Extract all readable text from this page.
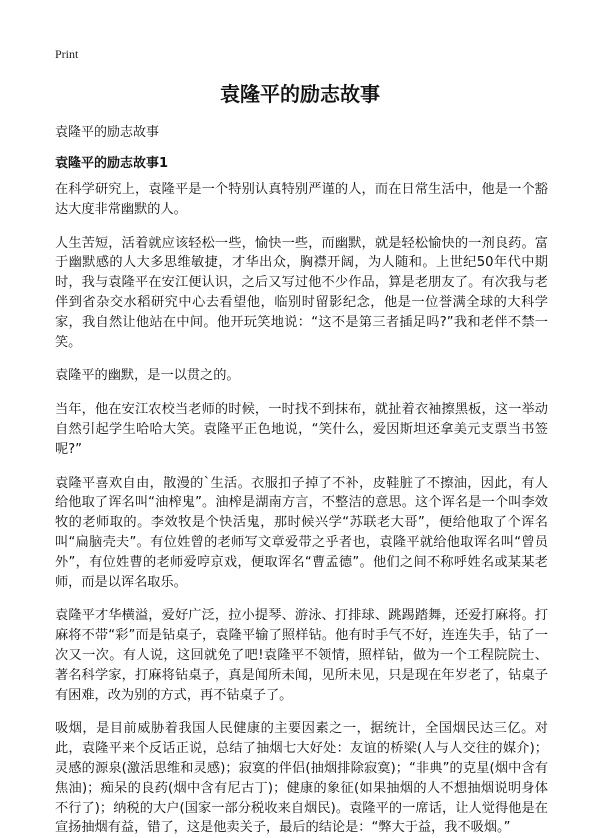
Print
袁隆平的励志故事
袁隆平的励志故事
袁隆平的励志故事1

在科学研究上，袁隆平是一个特别认真特别严谨的人，而在日常生活中，他是一个豁达大度非常幽默的人。

人生苦短，活着就应该轻松一些，愉快一些，而幽默，就是轻松愉快的一剂良药。富于幽默感的人大多思维敏捷，才华出众，胸襟开阔，为人随和。上世纪50年代中期时，我与袁隆平在安江便认识，之后又写过他不少作品，算是老朋友了。有次我与老伴到省杂交水稻研究中心去看望他，临别时留影纪念，他是一位誉满全球的大科学家，我自然让他站在中间。他开玩笑地说：“这不是第三者插足吗?”我和老伴不禁一笑。

袁隆平的幽默，是一以贯之的。

当年，他在安江农校当老师的时候，一时找不到抹布，就扯着衣袖擦黑板，这一举动自然引起学生哈哈大笑。袁隆平正色地说，“笑什么，爱因斯坦还拿美元支票当书签呢?”

袁隆平喜欢自由，散漫的`生活。衣服扣子掉了不补，皮鞋脏了不擦油，因此，有人给他取了诨名叫“油榨鬼”。油榨是湖南方言，不整洁的意思。这个诨名是一个叫李效牧的老师取的。李效牧是个快活鬼，那时候兴学“苏联老大哥”，便给他取了个诨名叫“扁脑壳夫”。有位姓曾的老师写文章爱带之乎者也，袁隆平就给他取诨名叫“曾员外”，有位姓曹的老师爱哼京戏，便取诨名“曹孟德”。他们之间不称呼姓名或某某老师，而是以诨名取乐。

袁隆平才华横溢，爱好广泛，拉小提琴、游泳、打排球、跳踢踏舞，还爱打麻将。打麻将不带“彩”而是钻桌子，袁隆平输了照样钻。他有时手气不好，连连失手，钻了一次又一次。有人说，这回就免了吧!袁隆平不领情，照样钻，做为一个工程院院士、著名科学家，打麻将钻桌子，真是闻所未闻，见所未见，只是现在年岁老了，钻桌子有困难，改为别的方式，再不钻桌子了。

吸烟，是目前威胁着我国人民健康的主要因素之一，据统计，全国烟民达三亿。对此，袁隆平来个反话正说，总结了抽烟七大好处：友谊的桥梁(人与人交往的媒介)；灵感的源泉(激活思维和灵感)；寂寞的伴侣(抽烟排除寂寞)；“非典”的克星(烟中含有焦油)；痴呆的良药(烟中含有尼古丁)；健康的象征(如果抽烟的人不想抽烟说明身体不行了)；纳税的大户(国家一部分税收来自烟民)。袁隆平的一席话，让人觉得他是在宣扬抽烟有益，错了，这是他卖关子，最后的结论是：“弊大于益，我不吸烟。”
